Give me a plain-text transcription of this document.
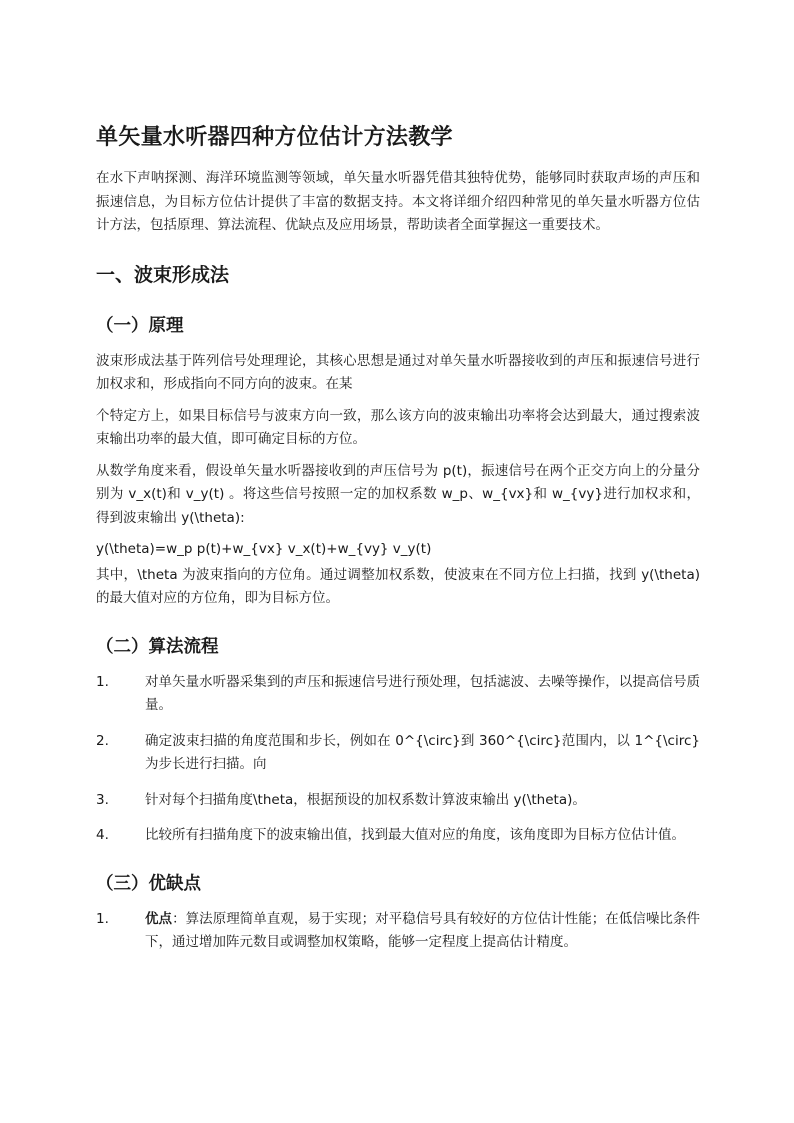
单矢量水听器四种方位估计方法教学

在水下声呐探测、海洋环境监测等领域，单矢量水听器凭借其独特优势，能够同时获取声场的声压和振速信息，为目标方位估计提供了丰富的数据支持。本文将详细介绍四种常见的单矢量水听器方位估计方法，包括原理、算法流程、优缺点及应用场景，帮助读者全面掌握这一重要技术。

一、波束形成法
（一）原理

波束形成法基于阵列信号处理理论，其核心思想是通过对单矢量水听器接收到的声压和振速信号进行加权求和，形成指向不同方向的波束。在某

个特定方上，如果目标信号与波束方向一致，那么该方向的波束输出功率将会达到最大，通过搜索波束输出功率的最大值，即可确定目标的方位。

从数学角度来看，假设单矢量水听器接收到的声压信号为 p(t)，振速信号在两个正交方向上的分量分别为 v_x(t)和 v_y(t) 。将这些信号按照一定的加权系数 w_p、w_{vx}和 w_{vy}进行加权求和，得到波束输出 y(\theta):

y(\theta)=w_p p(t)+w_{vx} v_x(t)+w_{vy} v_y(t)

其中，\theta 为波束指向的方位角。通过调整加权系数，使波束在不同方位上扫描，找到 y(\theta)的最大值对应的方位角，即为目标方位。

（二）算法流程
1.	对单矢量水听器采集到的声压和振速信号进行预处理，包括滤波、去噪等操作，以提高信号质量。
2.	确定波束扫描的角度范围和步长，例如在 0^{\circ}到 360^{\circ}范围内，以 1^{\circ}为步长进行扫描。向
3.	针对每个扫描角度\theta，根据预设的加权系数计算波束输出 y(\theta)。
4.	比较所有扫描角度下的波束输出值，找到最大值对应的角度，该角度即为目标方位估计值。
（三）优缺点
1.	优点：算法原理简单直观，易于实现；对平稳信号具有较好的方位估计性能；在低信噪比条件下，通过增加阵元数目或调整加权策略，能够一定程度上提高估计精度。
